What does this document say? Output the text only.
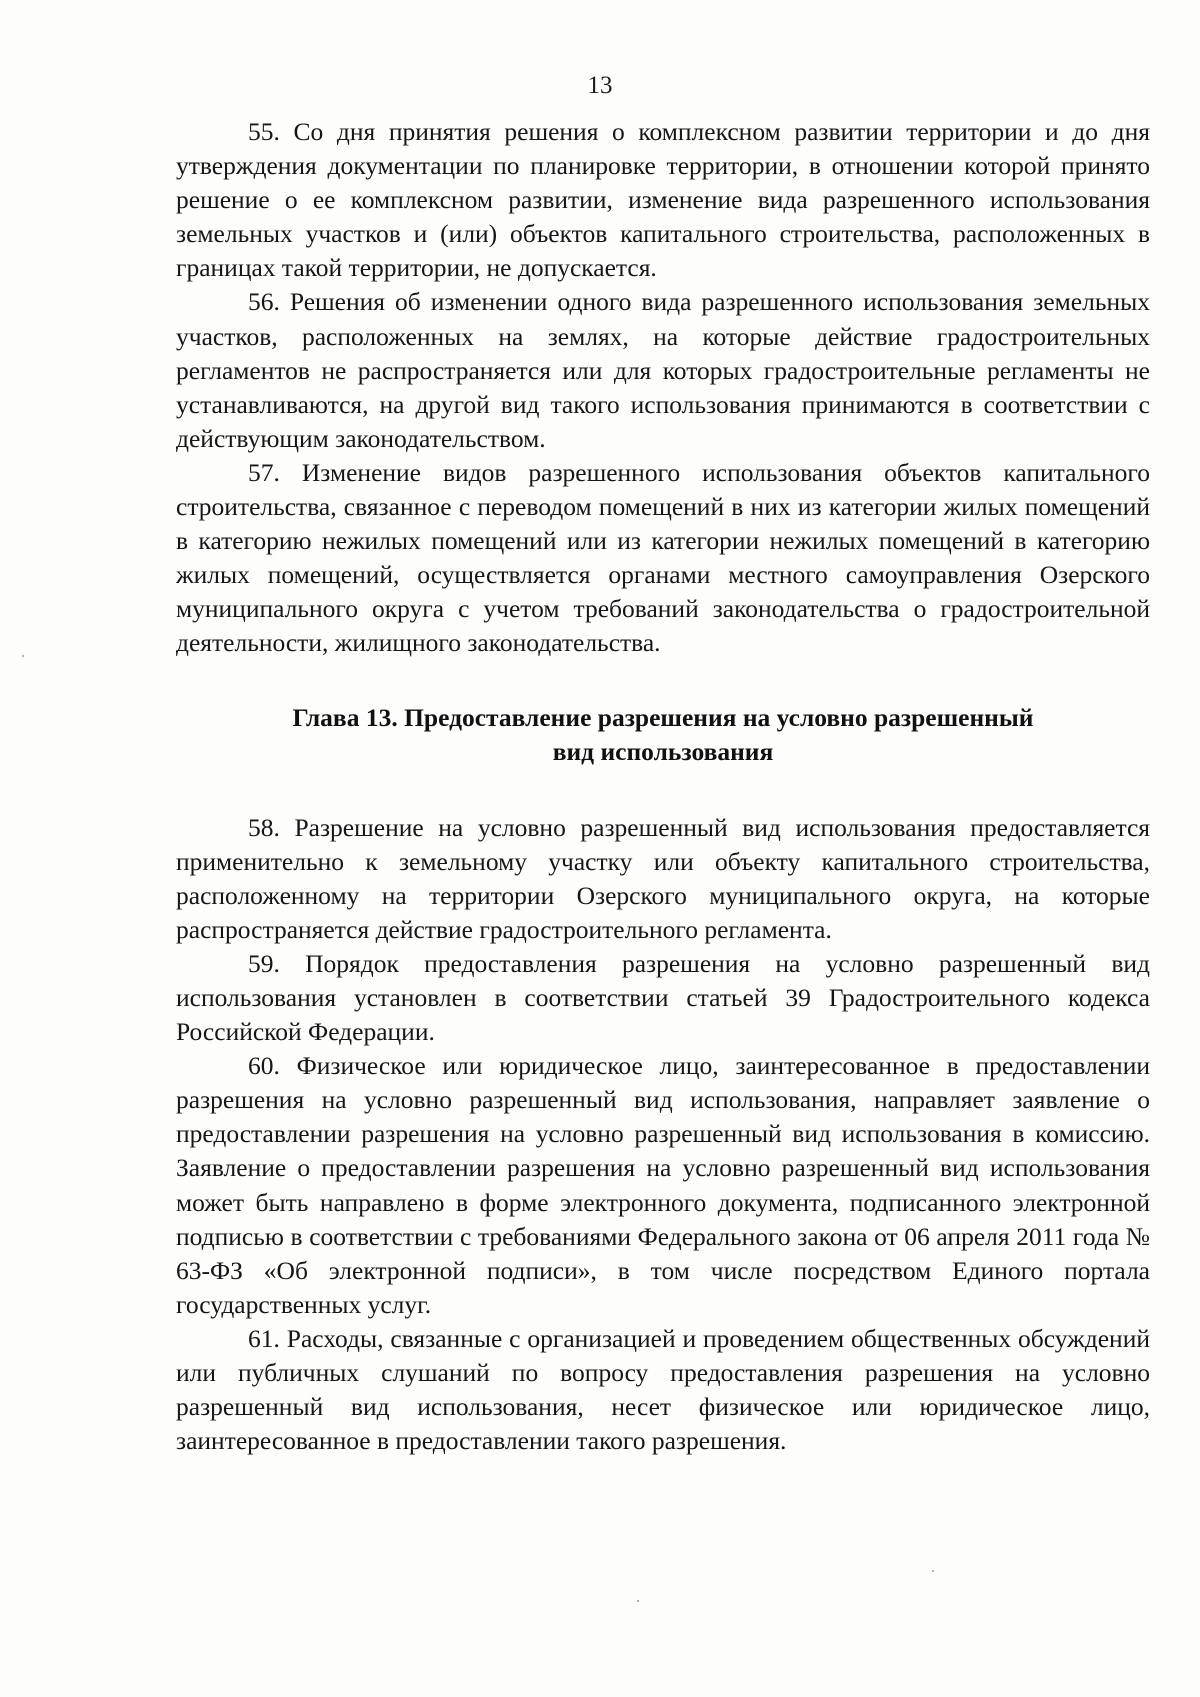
13

55. Со дня принятия решения о комплексном развитии территории и до дня утверждения документации по планировке территории, в отношении которой принято решение о ее комплексном развитии, изменение вида разрешенного использования земельных участков и (или) объектов капитального строительства, расположенных в границах такой территории, не допускается.

56. Решения об изменении одного вида разрешенного использования земельных участков, расположенных на землях, на которые действие градостроительных регламентов не распространяется или для которых градостроительные регламенты не устанавливаются, на другой вид такого использования принимаются в соответствии с действующим законодательством.

57. Изменение видов разрешенного использования объектов капитального строительства, связанное с переводом помещений в них из категории жилых помещений в категорию нежилых помещений или из категории нежилых помещений в категорию жилых помещений, осуществляется органами местного самоуправления Озерского муниципального округа с учетом требований законодательства о градостроительной деятельности, жилищного законодательства.

Глава 13. Предоставление разрешения на условно разрешенный
вид использования

58. Разрешение на условно разрешенный вид использования предоставляется применительно к земельному участку или объекту капитального строительства, расположенному на территории Озерского муниципального округа, на которые распространяется действие градостроительного регламента.

59. Порядок предоставления разрешения на условно разрешенный вид использования установлен в соответствии статьей 39 Градостроительного кодекса Российской Федерации.

60. Физическое или юридическое лицо, заинтересованное в предоставлении разрешения на условно разрешенный вид использования, направляет заявление о предоставлении разрешения на условно разрешенный вид использования в комиссию. Заявление о предоставлении разрешения на условно разрешенный вид использования может быть направлено в форме электронного документа, подписанного электронной подписью в соответствии с требованиями Федерального закона от 06 апреля 2011 года № 63-ФЗ «Об электронной подписи», в том числе посредством Единого портала государственных услуг.

61. Расходы, связанные с организацией и проведением общественных обсуждений или публичных слушаний по вопросу предоставления разрешения на условно разрешенный вид использования, несет физическое или юридическое лицо, заинтересованное в предоставлении такого разрешения.
